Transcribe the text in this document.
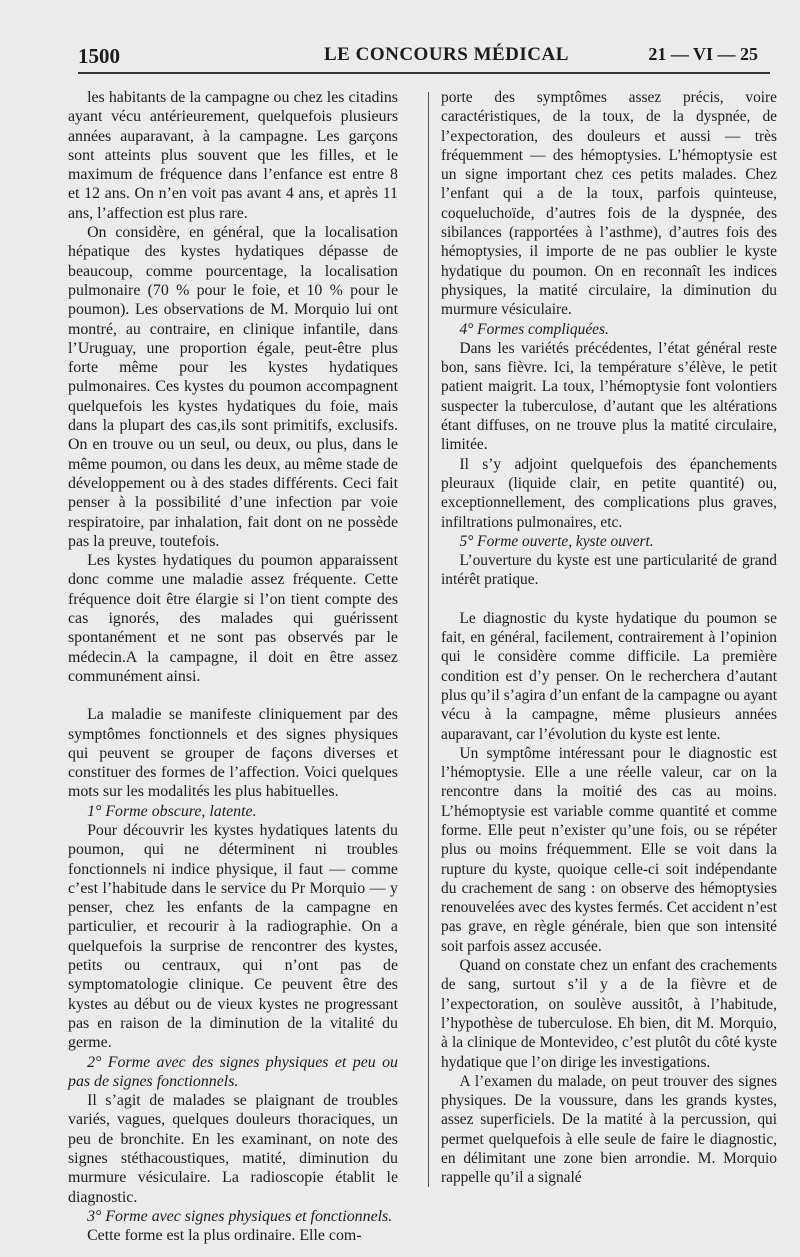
1500	LE CONCOURS MÉDICAL	21 — VI — 25

les habitants de la campagne ou chez les citadins ayant vécu antérieurement, quelquefois plusieurs années auparavant, à la campagne. Les garçons sont atteints plus souvent que les filles, et le maximum de fréquence dans l’enfance est entre 8 et 12 ans. On n’en voit pas avant 4 ans, et après 11 ans, l’affection est plus rare.

On considère, en général, que la localisation hépatique des kystes hydatiques dépasse de beaucoup, comme pourcentage, la localisation pulmonaire (70 % pour le foie, et 10 % pour le poumon). Les observations de M. Morquio lui ont montré, au contraire, en clinique infantile, dans l’Uruguay, une proportion égale, peut-être plus forte même pour les kystes hydatiques pulmonaires. Ces kystes du poumon accompagnent quelquefois les kystes hydatiques du foie, mais dans la plupart des cas,ils sont primitifs, exclusifs. On en trouve ou un seul, ou deux, ou plus, dans le même poumon, ou dans les deux, au même stade de développement ou à des stades différents. Ceci fait penser à la possibilité d’une infection par voie respiratoire, par inhalation, fait dont on ne possède pas la preuve, toutefois.

Les kystes hydatiques du poumon apparaissent donc comme une maladie assez fréquente. Cette fréquence doit être élargie si l’on tient compte des cas ignorés, des malades qui guérissent spontanément et ne sont pas observés par le médecin.A la campagne, il doit en être assez communément ainsi.

La maladie se manifeste cliniquement par des symptômes fonctionnels et des signes physiques qui peuvent se grouper de façons diverses et constituer des formes de l’affection. Voici quelques mots sur les modalités les plus habituelles.

1° Forme obscure, latente.

Pour découvrir les kystes hydatiques latents du poumon, qui ne déterminent ni troubles fonctionnels ni indice physique, il faut — comme c’est l’habitude dans le service du Pr Morquio — y penser, chez les enfants de la campagne en particulier, et recourir à la radiographie. On a quelquefois la surprise de rencontrer des kystes, petits ou centraux, qui n’ont pas de symptomatologie clinique. Ce peuvent être des kystes au début ou de vieux kystes ne progressant pas en raison de la diminution de la vitalité du germe.

2° Forme avec des signes physiques et peu ou pas de signes fonctionnels.

Il s’agit de malades se plaignant de troubles variés, vagues, quelques douleurs thoraciques, un peu de bronchite. En les examinant, on note des signes stéthacoustiques, matité, diminution du murmure vésiculaire. La radioscopie établit le diagnostic.

3° Forme avec signes physiques et fonctionnels.

Cette forme est la plus ordinaire. Elle com-

porte des symptômes assez précis, voire caractéristiques, de la toux, de la dyspnée, de l’expectoration, des douleurs et aussi — très fréquemment — des hémoptysies. L’hémoptysie est un signe important chez ces petits malades. Chez l’enfant qui a de la toux, parfois quinteuse, coqueluchoïde, d’autres fois de la dyspnée, des sibilances (rapportées à l’asthme), d’autres fois des hémoptysies, il importe de ne pas oublier le kyste hydatique du poumon. On en reconnaît les indices physiques, la matité circulaire, la diminution du murmure vésiculaire.

4° Formes compliquées.

Dans les variétés précédentes, l’état général reste bon, sans fièvre. Ici, la température s’élève, le petit patient maigrit. La toux, l’hémoptysie font volontiers suspecter la tuberculose, d’autant que les altérations étant diffuses, on ne trouve plus la matité circulaire, limitée.

Il s’y adjoint quelquefois des épanchements pleuraux (liquide clair, en petite quantité) ou, exceptionnellement, des complications plus graves, infiltrations pulmonaires, etc.

5° Forme ouverte, kyste ouvert.

L’ouverture du kyste est une particularité de grand intérêt pratique.

Le diagnostic du kyste hydatique du poumon se fait, en général, facilement, contrairement à l’opinion qui le considère comme difficile. La première condition est d’y penser. On le recherchera d’autant plus qu’il s’agira d’un enfant de la campagne ou ayant vécu à la campagne, même plusieurs années auparavant, car l’évolution du kyste est lente.

Un symptôme intéressant pour le diagnostic est l’hémoptysie. Elle a une réelle valeur, car on la rencontre dans la moitié des cas au moins. L’hémoptysie est variable comme quantité et comme forme. Elle peut n’exister qu’une fois, ou se répéter plus ou moins fréquemment. Elle se voit dans la rupture du kyste, quoique celle-ci soit indépendante du crachement de sang : on observe des hémoptysies renouvelées avec des kystes fermés. Cet accident n’est pas grave, en règle générale, bien que son intensité soit parfois assez accusée.

Quand on constate chez un enfant des crachements de sang, surtout s’il y a de la fièvre et de l’expectoration, on soulève aussitôt, à l’habitude, l’hypothèse de tuberculose. Eh bien, dit M. Morquio, à la clinique de Montevideo, c’est plutôt du côté kyste hydatique que l’on dirige les investigations.

A l’examen du malade, on peut trouver des signes physiques. De la voussure, dans les grands kystes, assez superficiels. De la matité à la percussion, qui permet quelquefois à elle seule de faire le diagnostic, en délimitant une zone bien arrondie. M. Morquio rappelle qu’il a signalé
